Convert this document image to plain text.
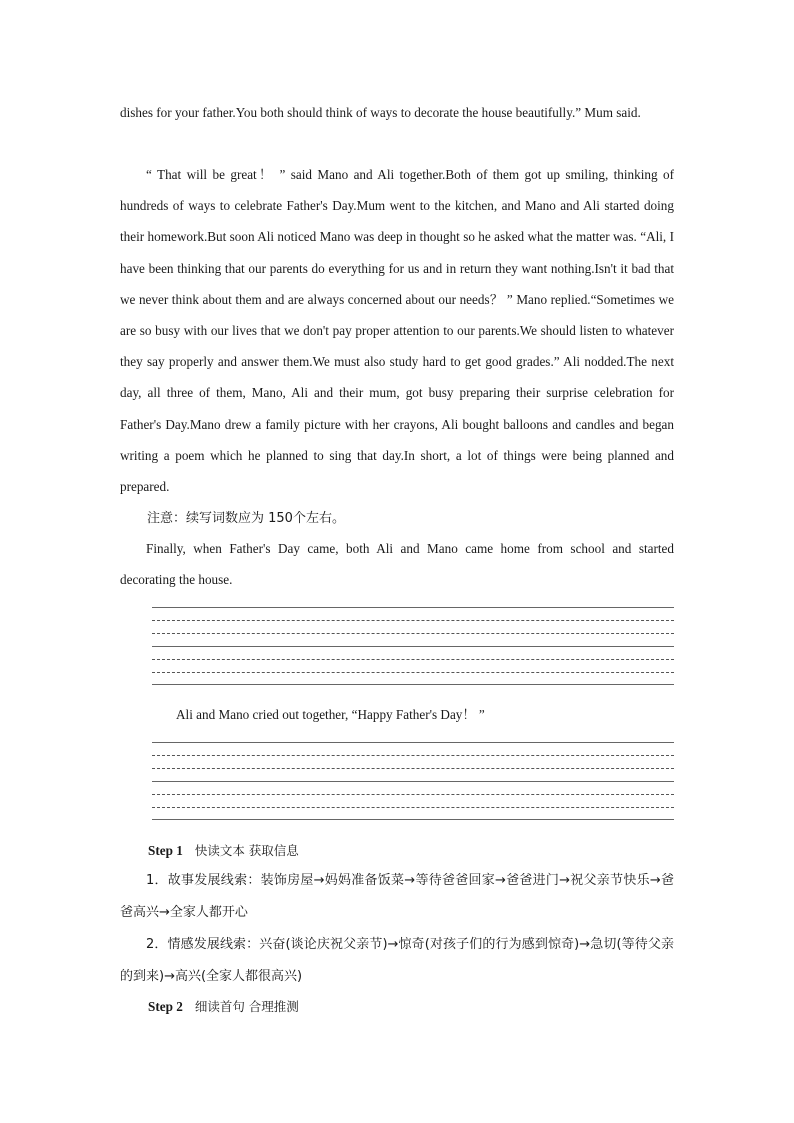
dishes for your father.You both should think of ways to decorate the house beautifully.” Mum said.

“ That will be great！ ” said Mano and Ali together.Both of them got up smiling, thinking of hundreds of ways to celebrate Father's Day.Mum went to the kitchen, and Mano and Ali started doing their homework.But soon Ali noticed Mano was deep in thought so he asked what the matter was. “Ali, I have been thinking that our parents do everything for us and in return they want nothing.Isn't it bad that we never think about them and are always concerned about our needs？ ” Mano replied.“Sometimes we are so busy with our lives that we don't pay proper attention to our parents.We should listen to whatever they say properly and answer them.We must also study hard to get good grades.” Ali nodded.The next day, all three of them, Mano, Ali and their mum, got busy preparing their surprise celebration for Father's Day.Mano drew a family picture with her crayons, Ali bought balloons and candles and began writing a poem which he planned to sing that day.In short, a lot of things were being planned and prepared.

注意：续写词数应为 150个左右。

Finally, when Father's Day came, both Ali and Mano came home from school and started decorating the house.

Ali and Mano cried out together, “Happy Father's Day！ ”

Step 1 快读文本 获取信息

1．故事发展线索：装饰房屋→妈妈准备饭菜→等待爸爸回家→爸爸进门→祝父亲节快乐→爸爸高兴→全家人都开心

2．情感发展线索：兴奋(谈论庆祝父亲节)→惊奇(对孩子们的行为感到惊奇)→急切(等待父亲的到来)→高兴(全家人都很高兴)

Step 2 细读首句 合理推测
